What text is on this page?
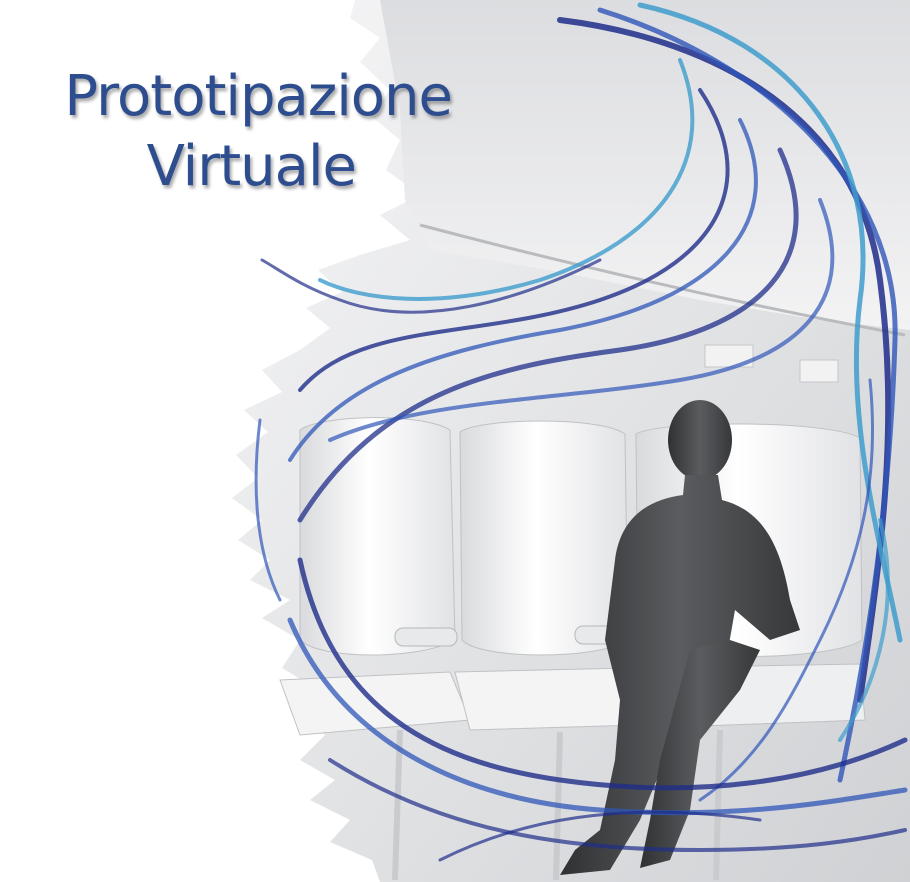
Prototipazione
Virtuale
